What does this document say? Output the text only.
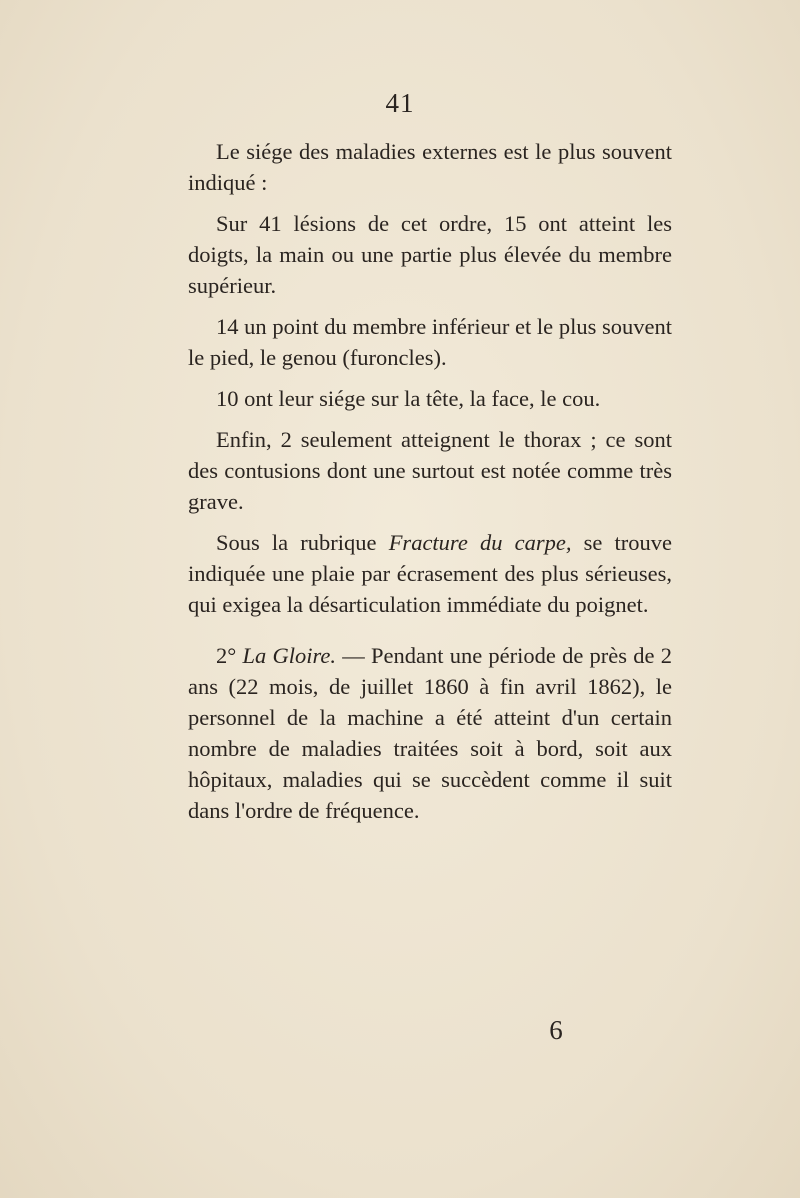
41

Le siége des maladies externes est le plus souvent indiqué :

Sur 41 lésions de cet ordre, 15 ont atteint les doigts, la main ou une partie plus élevée du membre supérieur.

14 un point du membre inférieur et le plus souvent le pied, le genou (furoncles).

10 ont leur siége sur la tête, la face, le cou.

Enfin, 2 seulement atteignent le thorax ; ce sont des contusions dont une surtout est notée comme très grave.

Sous la rubrique Fracture du carpe, se trouve indiquée une plaie par écrasement des plus sérieuses, qui exigea la désarticulation immédiate du poignet.

2° La Gloire. — Pendant une période de près de 2 ans (22 mois, de juillet 1860 à fin avril 1862), le personnel de la machine a été atteint d'un certain nombre de maladies traitées soit à bord, soit aux hôpitaux, maladies qui se succèdent comme il suit dans l'ordre de fréquence.

6
